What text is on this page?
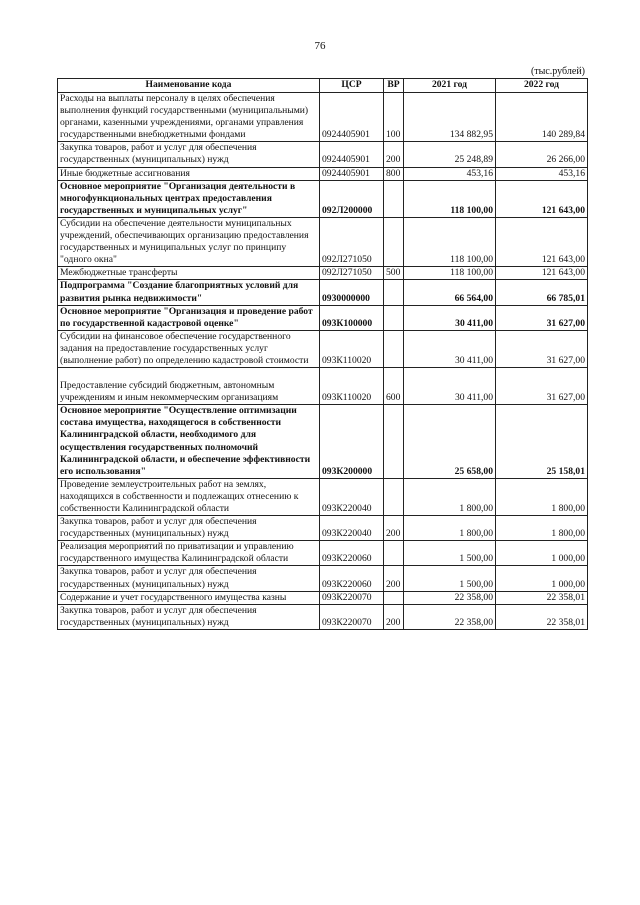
76
(тыс.рублей)
Наименование кода	ЦСР	ВР	2021 год	2022 год
Расходы на выплаты персоналу в целях обеспечения выполнения функций государственными (муниципальными) органами, казенными учреждениями, органами управления государственными внебюджетными фондами	0924405901	100	134 882,95	140 289,84
Закупка товаров, работ и услуг для обеспечения государственных (муниципальных) нужд	0924405901	200	25 248,89	26 266,00
Иные бюджетные ассигнования	0924405901	800	453,16	453,16
Основное мероприятие "Организация деятельности в многофункциональных центрах предоставления государственных и муниципальных услуг"	092Л200000		118 100,00	121 643,00
Субсидии на обеспечение деятельности муниципальных учреждений, обеспечивающих организацию предоставления государственных и муниципальных услуг по принципу "одного окна"	092Л271050		118 100,00	121 643,00
Межбюджетные трансферты	092Л271050	500	118 100,00	121 643,00
Подпрограмма "Создание благоприятных условий для развития рынка недвижимости"	0930000000		66 564,00	66 785,01
Основное мероприятие "Организация и проведение работ по государственной кадастровой оценке"	093К100000		30 411,00	31 627,00
Субсидии на финансовое обеспечение государственного задания на предоставление государственных услуг (выполнение работ) по определению кадастровой стоимости	093К110020		30 411,00	31 627,00
Предоставление субсидий бюджетным, автономным учреждениям и иным некоммерческим организациям	093К110020	600	30 411,00	31 627,00
Основное мероприятие "Осуществление оптимизации состава имущества, находящегося в собственности Калининградской области, необходимого для осуществления государственных полномочий Калининградской области, и обеспечение эффективности его использования"	093К200000		25 658,00	25 158,01
Проведение землеустроительных работ на землях, находящихся в собственности и подлежащих отнесению к собственности Калининградской области	093К220040		1 800,00	1 800,00
Закупка товаров, работ и услуг для обеспечения государственных (муниципальных) нужд	093К220040	200	1 800,00	1 800,00
Реализация мероприятий по приватизации и управлению государственного имущества Калининградской области	093К220060		1 500,00	1 000,00
Закупка товаров, работ и услуг для обеспечения государственных (муниципальных) нужд	093К220060	200	1 500,00	1 000,00
Содержание и учет государственного имущества казны	093К220070		22 358,00	22 358,01
Закупка товаров, работ и услуг для обеспечения государственных (муниципальных) нужд	093К220070	200	22 358,00	22 358,01
